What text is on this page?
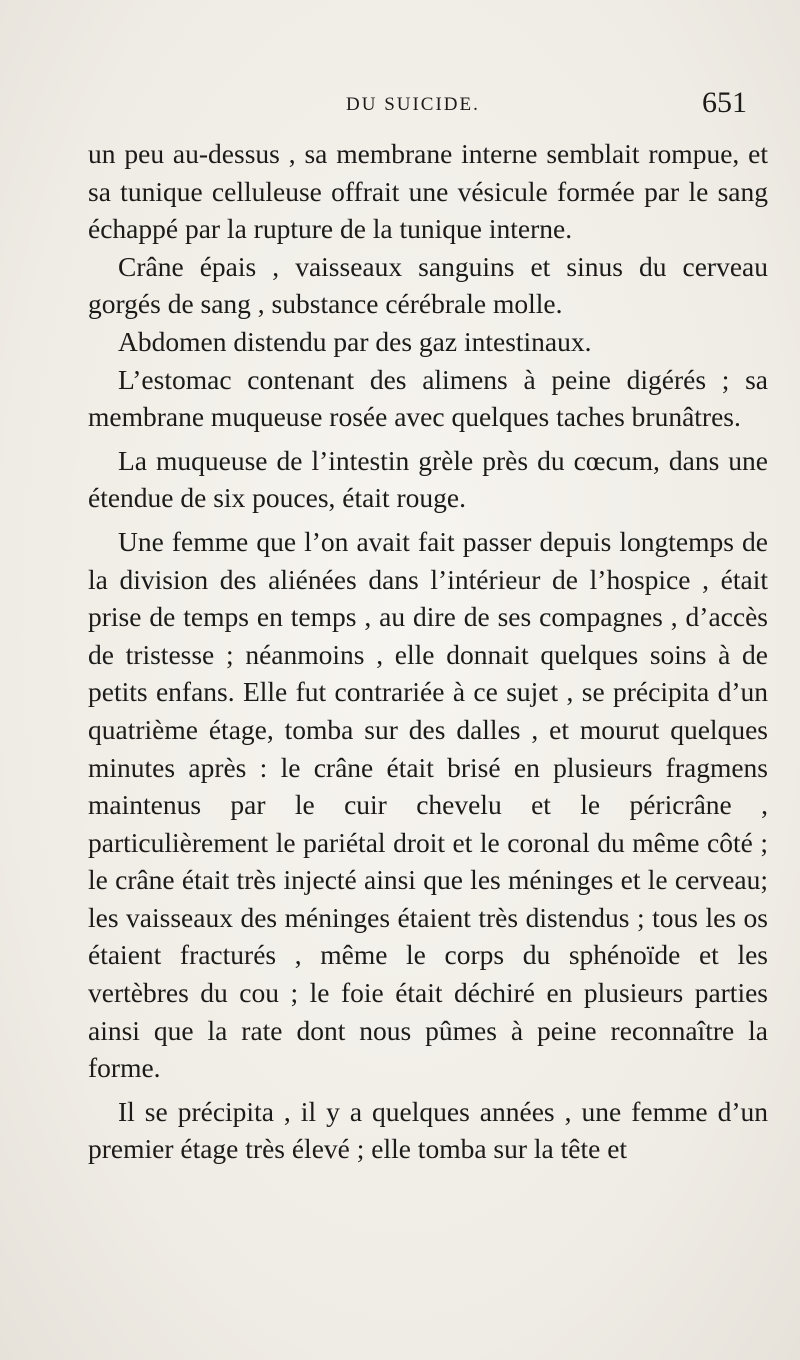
DU SUICIDE.	651

un peu au-dessus , sa membrane interne semblait rompue, et sa tunique celluleuse offrait une vésicule formée par le sang échappé par la rupture de la tunique interne.

Crâne épais , vaisseaux sanguins et sinus du cerveau gorgés de sang , substance cérébrale molle.

Abdomen distendu par des gaz intestinaux.

L’estomac contenant des alimens à peine digérés ; sa membrane muqueuse rosée avec quelques taches brunâtres.

La muqueuse de l’intestin grèle près du cœcum, dans une étendue de six pouces, était rouge.

Une femme que l’on avait fait passer depuis longtemps de la division des aliénées dans l’intérieur de l’hospice , était prise de temps en temps , au dire de ses compagnes , d’accès de tristesse ; néanmoins , elle donnait quelques soins à de petits enfans. Elle fut contrariée à ce sujet , se précipita d’un quatrième étage, tomba sur des dalles , et mourut quelques minutes après : le crâne était brisé en plusieurs fragmens maintenus par le cuir chevelu et le péricrâne , particulièrement le pariétal droit et le coronal du même côté ; le crâne était très injecté ainsi que les méninges et le cerveau; les vaisseaux des méninges étaient très distendus ; tous les os étaient fracturés , même le corps du sphénoïde et les vertèbres du cou ; le foie était déchiré en plusieurs parties ainsi que la rate dont nous pûmes à peine reconnaître la forme.

Il se précipita , il y a quelques années , une femme d’un premier étage très élevé ; elle tomba sur la tête et
